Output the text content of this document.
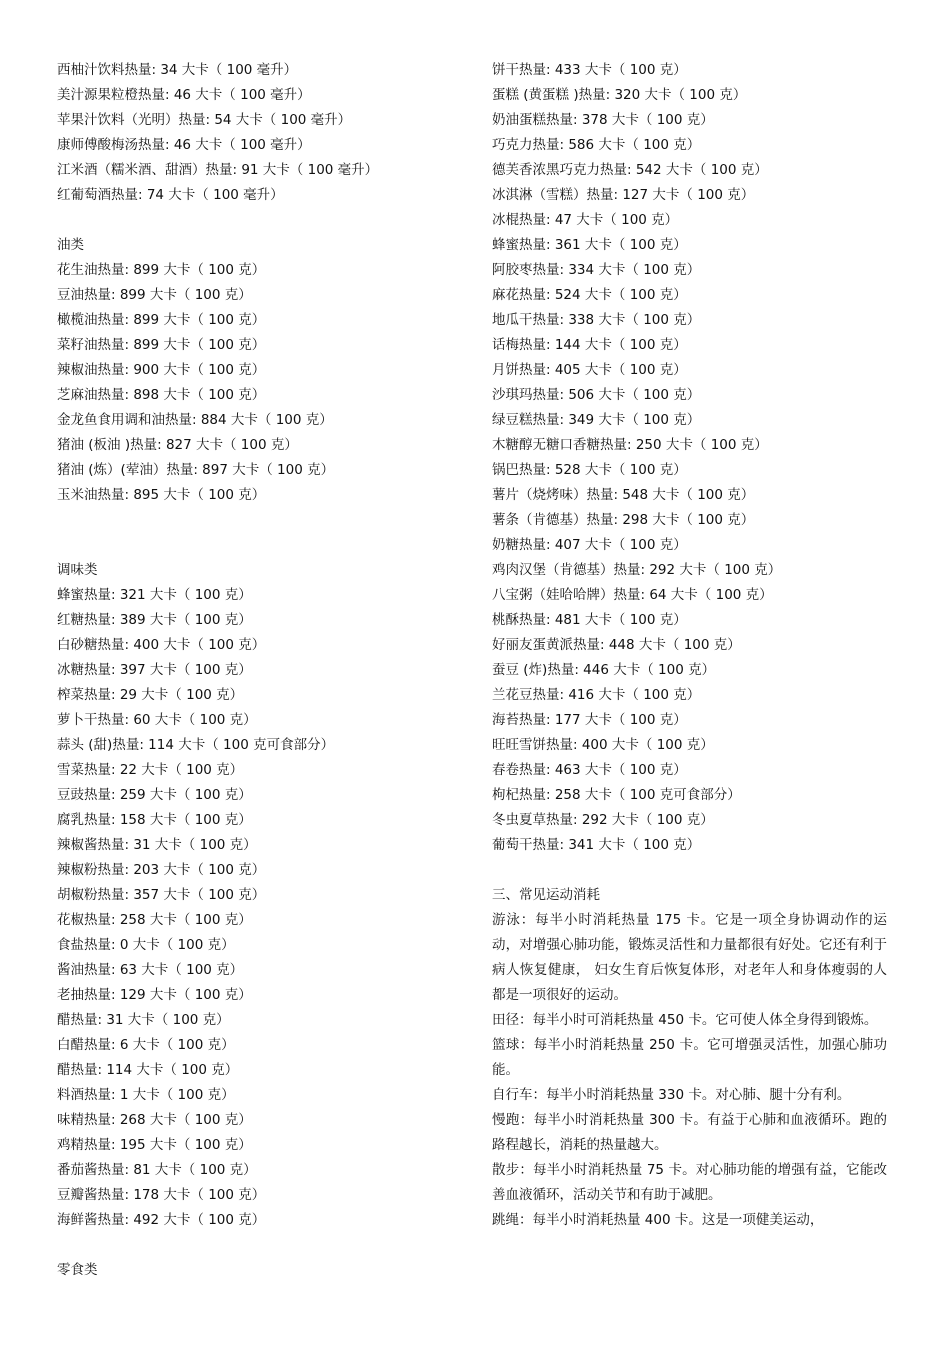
西柚汁饮料热量: 34 大卡（ 100 毫升）
美汁源果粒橙热量: 46 大卡（ 100 毫升）
苹果汁饮料（光明）热量: 54 大卡（ 100 毫升）
康师傅酸梅汤热量: 46 大卡（ 100 毫升）
江米酒（糯米酒、甜酒）热量: 91 大卡（ 100 毫升）
红葡萄酒热量: 74 大卡（ 100 毫升）
油类
花生油热量: 899 大卡（ 100 克）
豆油热量: 899 大卡（ 100 克）
橄榄油热量: 899 大卡（ 100 克）
菜籽油热量: 899 大卡（ 100 克）
辣椒油热量: 900 大卡（ 100 克）
芝麻油热量: 898 大卡（ 100 克）
金龙鱼食用调和油热量: 884 大卡（ 100 克）
猪油 (板油 )热量: 827 大卡（ 100 克）
猪油 (炼）(荤油）热量: 897 大卡（ 100 克）
玉米油热量: 895 大卡（ 100 克）
调味类
蜂蜜热量: 321 大卡（ 100 克）
红糖热量: 389 大卡（ 100 克）
白砂糖热量: 400 大卡（ 100 克）
冰糖热量: 397 大卡（ 100 克）
榨菜热量: 29 大卡（ 100 克）
萝卜干热量: 60 大卡（ 100 克）
蒜头 (甜)热量: 114 大卡（ 100 克可食部分）
雪菜热量: 22 大卡（ 100 克）
豆豉热量: 259 大卡（ 100 克）
腐乳热量: 158 大卡（ 100 克）
辣椒酱热量: 31 大卡（ 100 克）
辣椒粉热量: 203 大卡（ 100 克）
胡椒粉热量: 357 大卡（ 100 克）
花椒热量: 258 大卡（ 100 克）
食盐热量: 0 大卡（ 100 克）
酱油热量: 63 大卡（ 100 克）
老抽热量: 129 大卡（ 100 克）
醋热量: 31 大卡（ 100 克）
白醋热量: 6 大卡（ 100 克）
醋热量: 114 大卡（ 100 克）
料酒热量: 1 大卡（ 100 克）
味精热量: 268 大卡（ 100 克）
鸡精热量: 195 大卡（ 100 克）
番茄酱热量: 81 大卡（ 100 克）
豆瓣酱热量: 178 大卡（ 100 克）
海鲜酱热量: 492 大卡（ 100 克）
零食类
饼干热量: 433 大卡（ 100 克）
蛋糕 (黄蛋糕 )热量: 320 大卡（ 100 克）
奶油蛋糕热量: 378 大卡（ 100 克）
巧克力热量: 586 大卡（ 100 克）
德芙香浓黑巧克力热量: 542 大卡（ 100 克）
冰淇淋（雪糕）热量: 127 大卡（ 100 克）
冰棍热量: 47 大卡（ 100 克）
蜂蜜热量: 361 大卡（ 100 克）
阿胶枣热量: 334 大卡（ 100 克）
麻花热量: 524 大卡（ 100 克）
地瓜干热量: 338 大卡（ 100 克）
话梅热量: 144 大卡（ 100 克）
月饼热量: 405 大卡（ 100 克）
沙琪玛热量: 506 大卡（ 100 克）
绿豆糕热量: 349 大卡（ 100 克）
木糖醇无糖口香糖热量: 250 大卡（ 100 克）
锅巴热量: 528 大卡（ 100 克）
薯片（烧烤味）热量: 548 大卡（ 100 克）
薯条（肯德基）热量: 298 大卡（ 100 克）
奶糖热量: 407 大卡（ 100 克）
鸡肉汉堡（肯德基）热量: 292 大卡（ 100 克）
八宝粥（娃哈哈牌）热量: 64 大卡（ 100 克）
桃酥热量: 481 大卡（ 100 克）
好丽友蛋黄派热量: 448 大卡（ 100 克）
蚕豆 (炸)热量: 446 大卡（ 100 克）
兰花豆热量: 416 大卡（ 100 克）
海苔热量: 177 大卡（ 100 克）
旺旺雪饼热量: 400 大卡（ 100 克）
春卷热量: 463 大卡（ 100 克）
枸杞热量: 258 大卡（ 100 克可食部分）
冬虫夏草热量: 292 大卡（ 100 克）
葡萄干热量: 341 大卡（ 100 克）
三、常见运动消耗
游泳：每半小时消耗热量 175 卡。它是一项全身协调动作的运动，对增强心肺功能，锻炼灵活性和力量都很有好处。它还有利于病人恢复健康， 妇女生育后恢复体形，对老年人和身体瘦弱的人都是一项很好的运动。
田径：每半小时可消耗热量 450 卡。它可使人体全身得到锻炼。
篮球：每半小时消耗热量 250 卡。它可增强灵活性，加强心肺功能。
自行车：每半小时消耗热量 330 卡。对心肺、腿十分有利。
慢跑：每半小时消耗热量 300 卡。有益于心肺和血液循环。跑的路程越长，消耗的热量越大。
散步：每半小时消耗热量 75 卡。对心肺功能的增强有益，它能改善血液循环，活动关节和有助于减肥。
跳绳：每半小时消耗热量 400 卡。这是一项健美运动，
